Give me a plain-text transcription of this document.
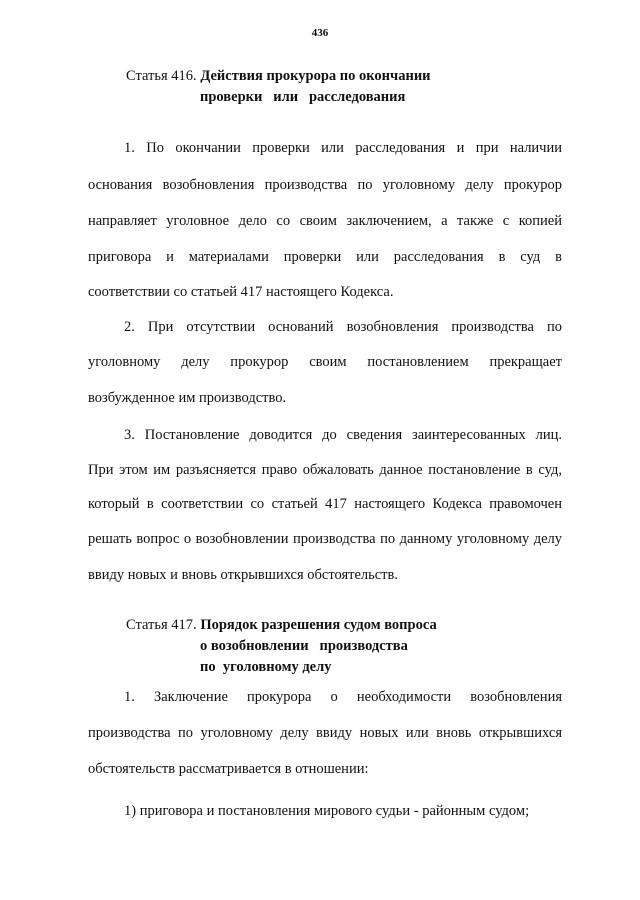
436
Статья 416. Действия прокурора по окончании
проверки   или   расследования
1. По окончании проверки или расследования и при наличии
основания возобновления производства по уголовному делу прокурор
направляет уголовное дело со своим заключением, а также с копией
приговора и материалами проверки или расследования в суд в
соответствии со статьей 417 настоящего Кодекса.
2. При отсутствии оснований возобновления производства по
уголовному делу прокурор своим постановлением прекращает
возбужденное им производство.
3. Постановление доводится до сведения заинтересованных лиц.
При этом им разъясняется право обжаловать данное постановление в суд,
который в соответствии со статьей 417 настоящего Кодекса правомочен
решать вопрос о возобновлении производства по данному уголовному делу
ввиду новых и вновь открывшихся обстоятельств.
Статья 417. Порядок разрешения судом вопроса
о возобновлении   производства
по  уголовному делу
1. Заключение прокурора о необходимости возобновления
производства по уголовному делу ввиду новых или вновь открывшихся
обстоятельств рассматривается в отношении:
1) приговора и постановления мирового судьи - районным судом;
